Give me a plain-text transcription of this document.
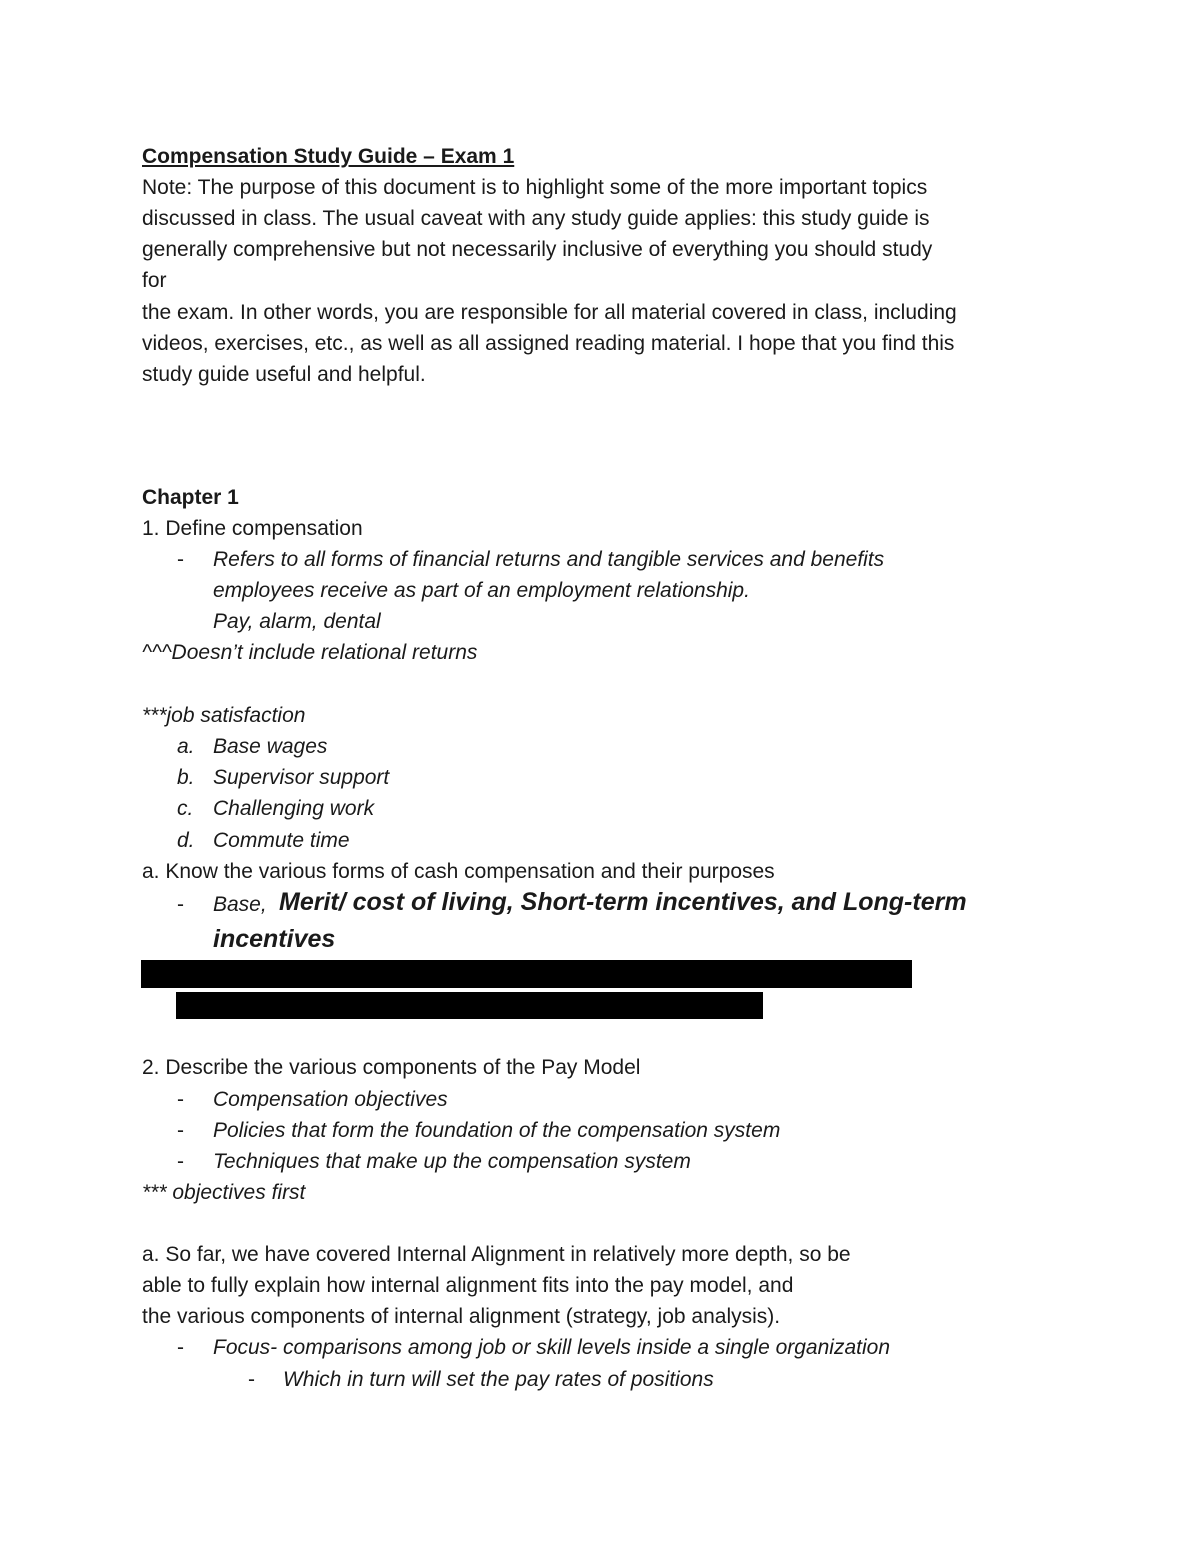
Compensation Study Guide – Exam 1
Note: The purpose of this document is to highlight some of the more important topics
discussed in class. The usual caveat with any study guide applies: this study guide is
generally comprehensive but not necessarily inclusive of everything you should study
for
the exam. In other words, you are responsible for all material covered in class, including
videos, exercises, etc., as well as all assigned reading material. I hope that you find this
study guide useful and helpful.
Chapter 1
1. Define compensation
- Refers to all forms of financial returns and tangible services and benefits
employees receive as part of an employment relationship.
Pay, alarm, dental
^^^Doesn’t include relational returns
***job satisfaction
a. Base wages
b. Supervisor support
c. Challenging work
d. Commute time
a. Know the various forms of cash compensation and their purposes
- Base, Merit/ cost of living, Short-term incentives, and Long-term
incentives
2. Describe the various components of the Pay Model
- Compensation objectives
- Policies that form the foundation of the compensation system
- Techniques that make up the compensation system
*** objectives first
a. So far, we have covered Internal Alignment in relatively more depth, so be
able to fully explain how internal alignment fits into the pay model, and
the various components of internal alignment (strategy, job analysis).
- Focus- comparisons among job or skill levels inside a single organization
- Which in turn will set the pay rates of positions
